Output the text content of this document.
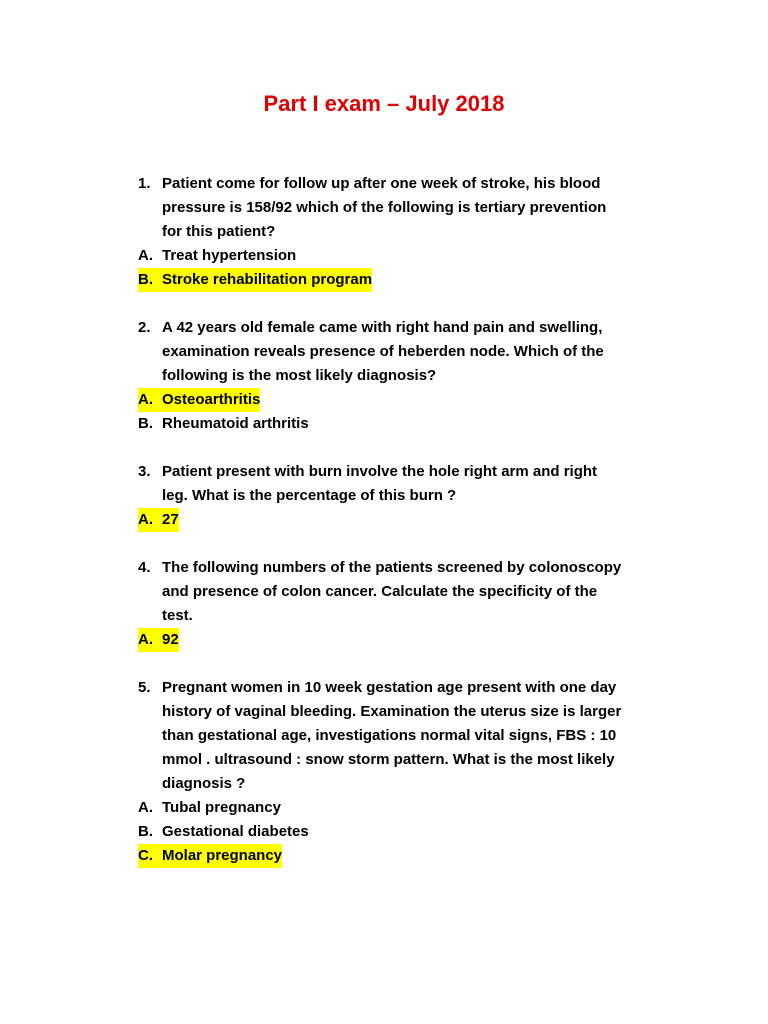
Part I exam – July 2018
1. Patient come for follow up after one week of stroke, his blood
pressure is 158/92 which of the following is tertiary prevention
for this patient?
A. Treat hypertension
B. Stroke rehabilitation program
2. A 42 years old female came with right hand pain and swelling,
examination reveals presence of heberden node. Which of the
following is the most likely diagnosis?
A. Osteoarthritis
B. Rheumatoid arthritis
3. Patient present with burn involve the hole right arm and right
leg. What is the percentage of this burn ?
A. 27
4. The following numbers of the patients screened by colonoscopy
and presence of colon cancer. Calculate the specificity of the
test.
A. 92
5. Pregnant women in 10 week gestation age present with one day
history of vaginal bleeding. Examination the uterus size is larger
than gestational age, investigations normal vital signs, FBS : 10
mmol . ultrasound : snow storm pattern. What is the most likely
diagnosis ?
A. Tubal pregnancy
B. Gestational diabetes
C. Molar pregnancy
